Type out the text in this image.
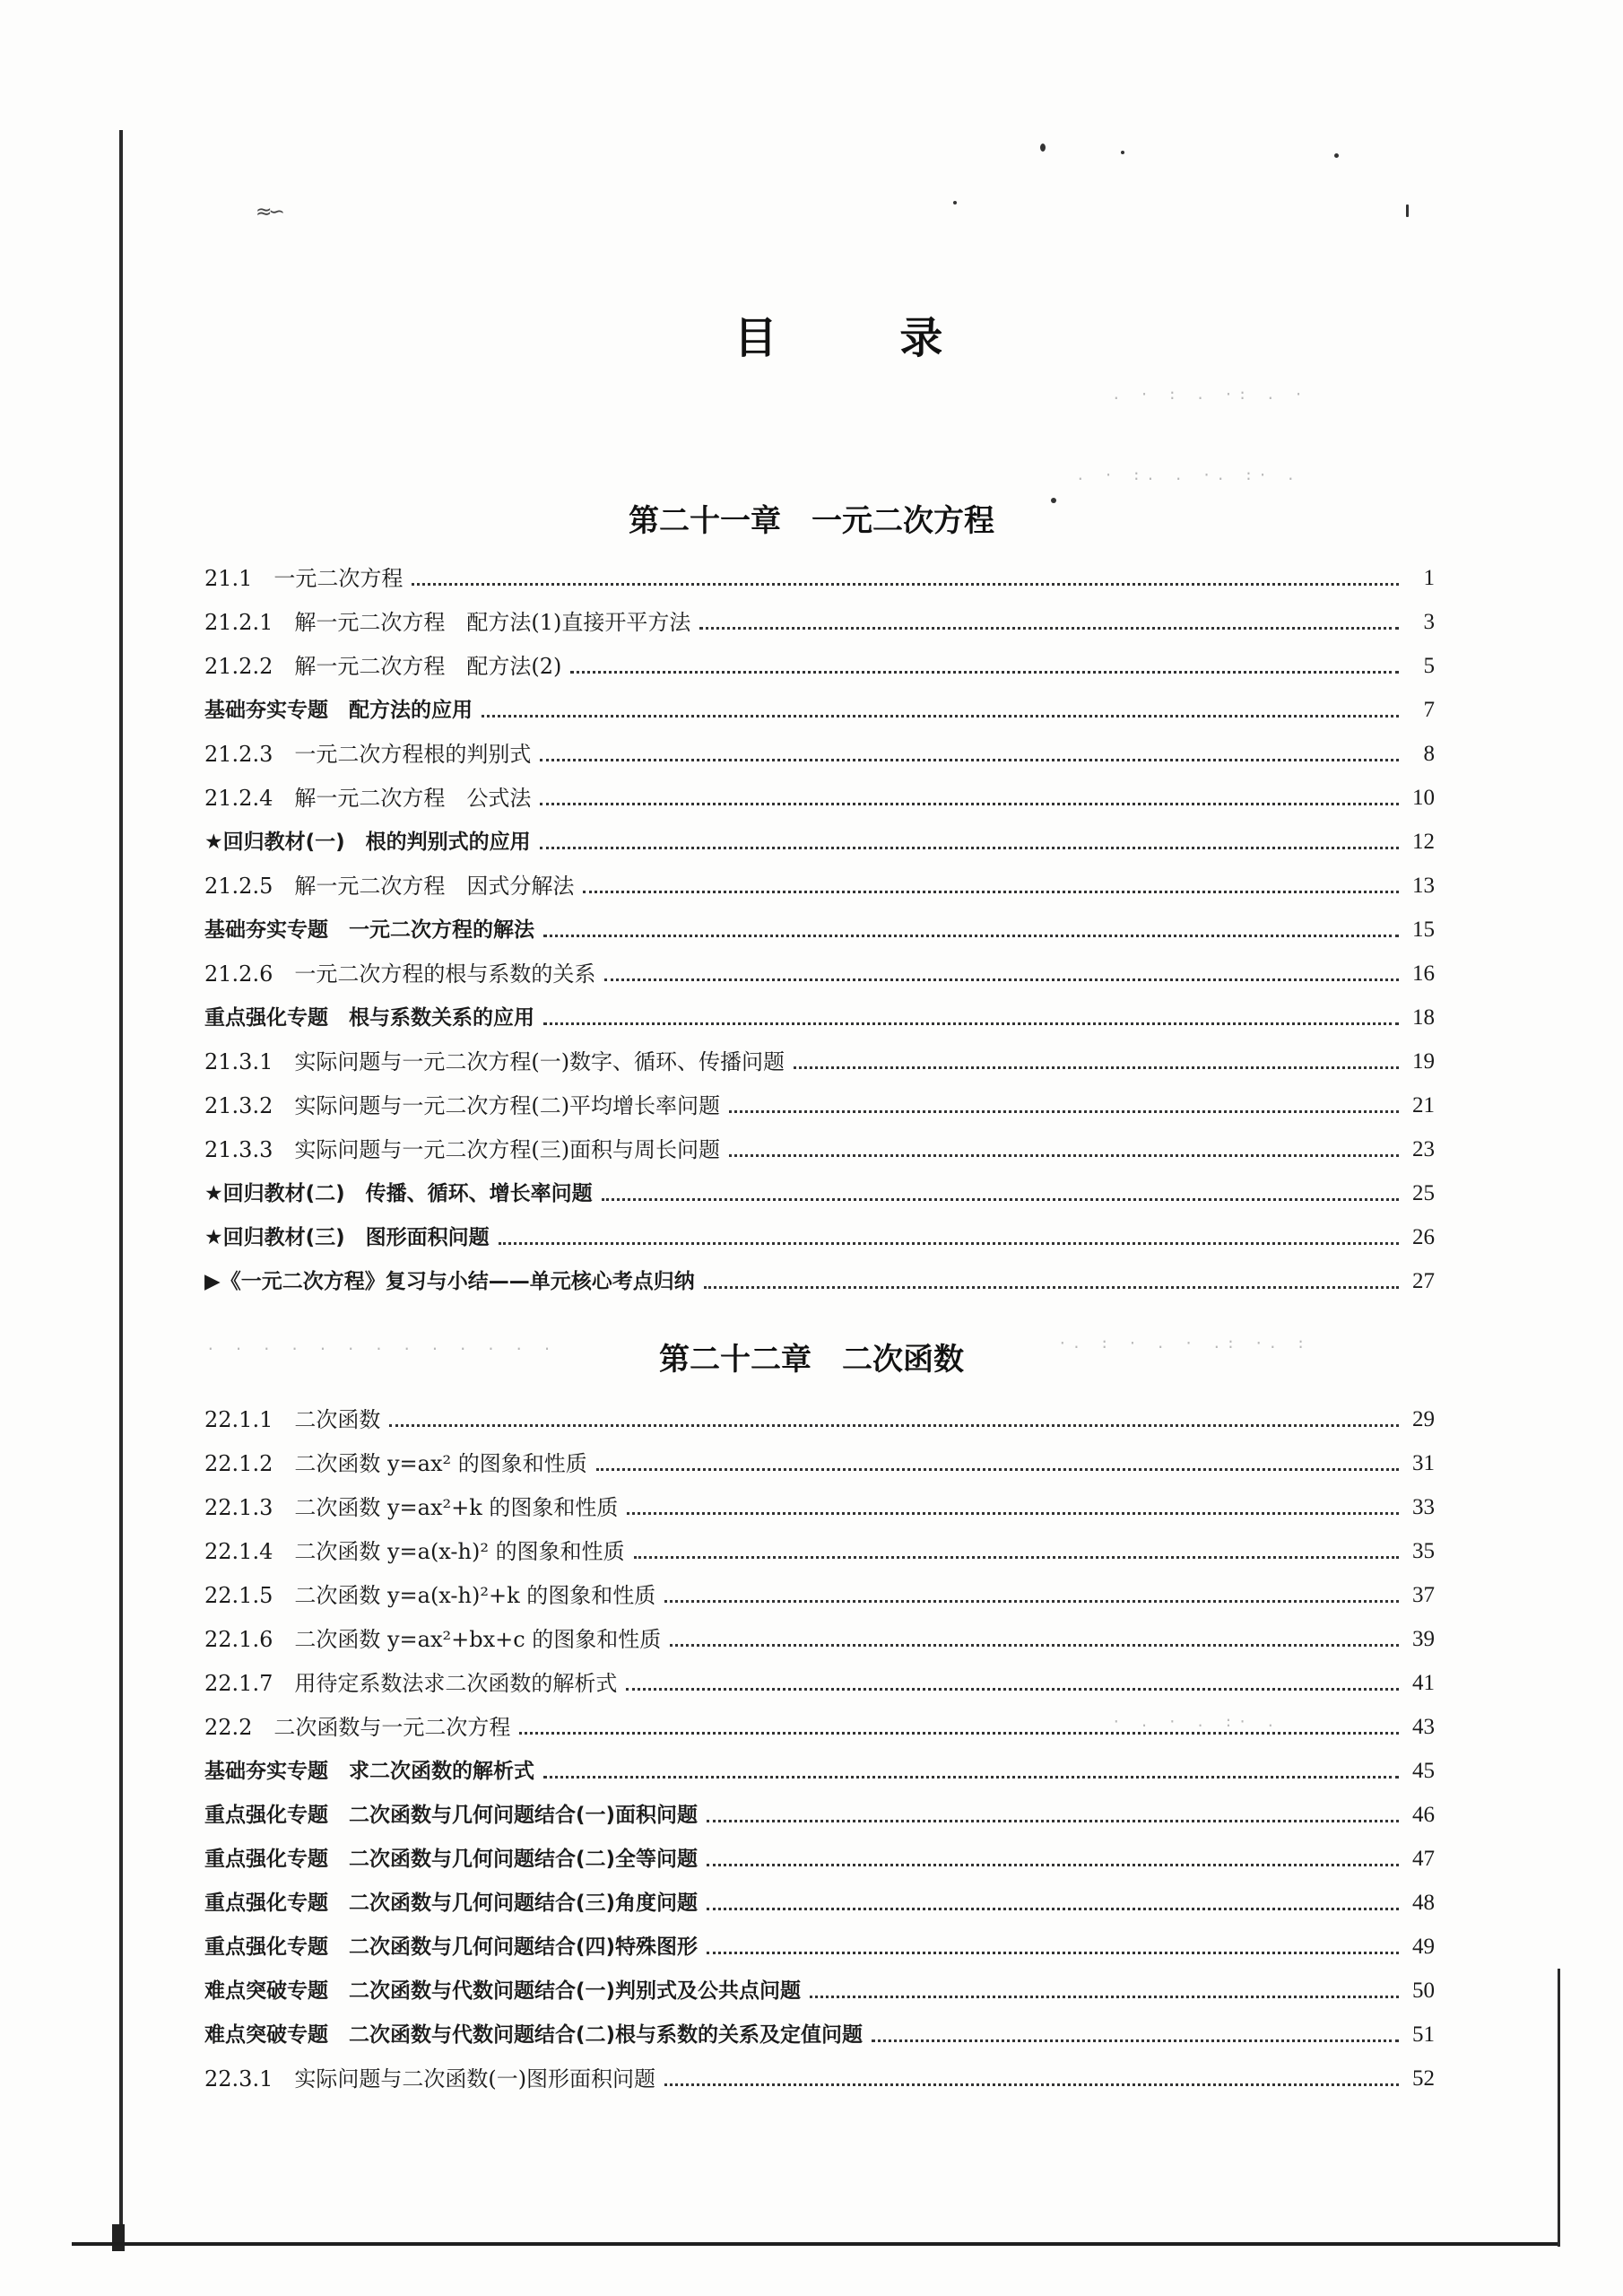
≈∽
. · : . ·: . ·
. · :. . ·. :· .
. . . . . . . . . . . . .	·. : · . · .: ·. :
· . · . :· .
目 录
第二十一章　一元二次方程
21.1　一元二次方程	1
21.2.1　解一元二次方程　配方法(1)直接开平方法	3
21.2.2　解一元二次方程　配方法(2)	5
基础夯实专题　配方法的应用	7
21.2.3　一元二次方程根的判别式	8
21.2.4　解一元二次方程　公式法	10
★回归教材(一)　根的判别式的应用	12
21.2.5　解一元二次方程　因式分解法	13
基础夯实专题　一元二次方程的解法	15
21.2.6　一元二次方程的根与系数的关系	16
重点强化专题　根与系数关系的应用	18
21.3.1　实际问题与一元二次方程(一)数字、循环、传播问题	19
21.3.2　实际问题与一元二次方程(二)平均增长率问题	21
21.3.3　实际问题与一元二次方程(三)面积与周长问题	23
★回归教材(二)　传播、循环、增长率问题	25
★回归教材(三)　图形面积问题	26
▶《一元二次方程》复习与小结——单元核心考点归纳	27
第二十二章　二次函数
22.1.1　二次函数	29
22.1.2　二次函数 y=ax² 的图象和性质	31
22.1.3　二次函数 y=ax²+k 的图象和性质	33
22.1.4　二次函数 y=a(x-h)² 的图象和性质	35
22.1.5　二次函数 y=a(x-h)²+k 的图象和性质	37
22.1.6　二次函数 y=ax²+bx+c 的图象和性质	39
22.1.7　用待定系数法求二次函数的解析式	41
22.2　二次函数与一元二次方程	43
基础夯实专题　求二次函数的解析式	45
重点强化专题　二次函数与几何问题结合(一)面积问题	46
重点强化专题　二次函数与几何问题结合(二)全等问题	47
重点强化专题　二次函数与几何问题结合(三)角度问题	48
重点强化专题　二次函数与几何问题结合(四)特殊图形	49
难点突破专题　二次函数与代数问题结合(一)判别式及公共点问题	50
难点突破专题　二次函数与代数问题结合(二)根与系数的关系及定值问题	51
22.3.1　实际问题与二次函数(一)图形面积问题	52
